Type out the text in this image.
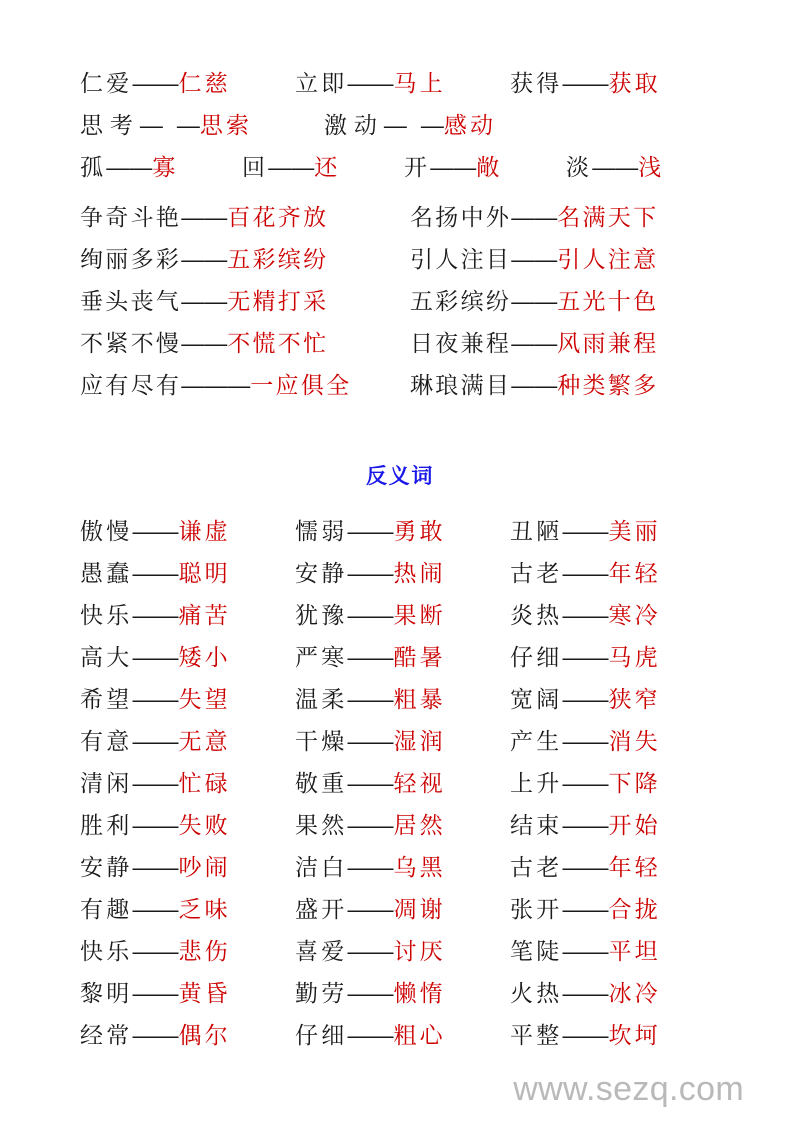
仁爱 —— 仁慈	立即 —— 马上	获得 —— 获取
思考 — — 思索	激动 — — 感动
孤 —— 寡	回 —— 还	开 —— 敞	淡 —— 浅
争奇斗艳 —— 百花齐放	名扬中外 —— 名满天下
绚丽多彩 —— 五彩缤纷	引人注目 —— 引人注意
垂头丧气 —— 无精打采	五彩缤纷 —— 五光十色
不紧不慢 —— 不慌不忙	日夜兼程 —— 风雨兼程
应有尽有 ——— 一应俱全	琳琅满目 —— 种类繁多
反义词
傲慢 —— 谦虚	懦弱 —— 勇敢	丑陋 —— 美丽
愚蠢 —— 聪明	安静 —— 热闹	古老 —— 年轻
快乐 —— 痛苦	犹豫 —— 果断	炎热 —— 寒冷
高大 —— 矮小	严寒 —— 酷暑	仔细 —— 马虎
希望 —— 失望	温柔 —— 粗暴	宽阔 —— 狭窄
有意 —— 无意	干燥 —— 湿润	产生 —— 消失
清闲 —— 忙碌	敬重 —— 轻视	上升 —— 下降
胜利 —— 失败	果然 —— 居然	结束 —— 开始
安静 —— 吵闹	洁白 —— 乌黑	古老 —— 年轻
有趣 —— 乏味	盛开 —— 凋谢	张开 —— 合拢
快乐 —— 悲伤	喜爱 —— 讨厌	笔陡 —— 平坦
黎明 —— 黄昏	勤劳 —— 懒惰	火热 —— 冰冷
经常 —— 偶尔	仔细 —— 粗心	平整 —— 坎坷
www.sezq.com
